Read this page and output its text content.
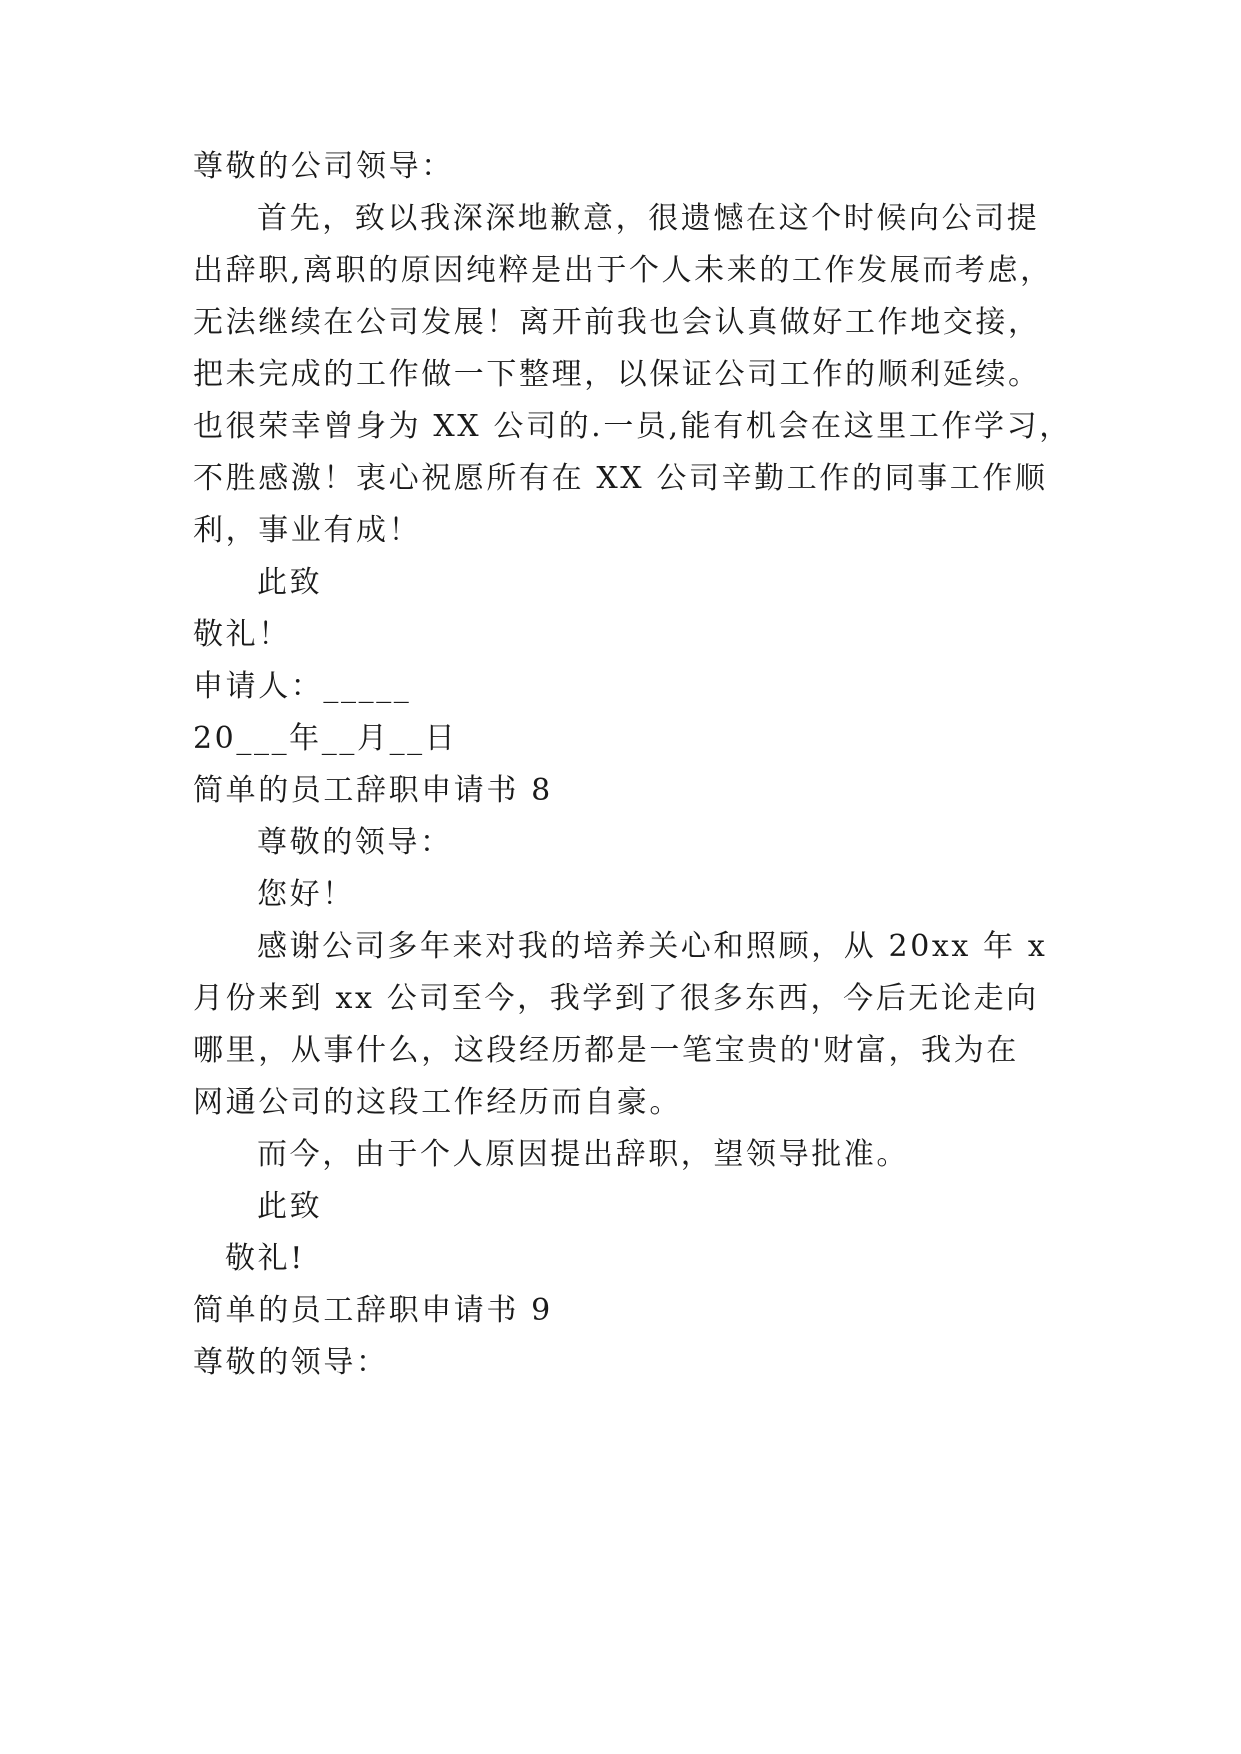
尊敬的公司领导：

首先，致以我深深地歉意，很遗憾在这个时候向公司提

出辞职,离职的原因纯粹是出于个人未来的工作发展而考虑，

无法继续在公司发展！离开前我也会认真做好工作地交接，

把未完成的工作做一下整理，以保证公司工作的顺利延续。

也很荣幸曾身为 XX 公司的.一员,能有机会在这里工作学习，

不胜感激！衷心祝愿所有在 XX 公司辛勤工作的同事工作顺

利，事业有成！

此致

敬礼！

申请人：_____

20___年__月__日

简单的员工辞职申请书 8

尊敬的领导：

您好！

感谢公司多年来对我的培养关心和照顾，从 20xx 年 x

月份来到 xx 公司至今，我学到了很多东西，今后无论走向

哪里，从事什么，这段经历都是一笔宝贵的'财富，我为在

网通公司的这段工作经历而自豪。

而今，由于个人原因提出辞职，望领导批准。

此致

敬礼!

简单的员工辞职申请书 9

尊敬的领导：
